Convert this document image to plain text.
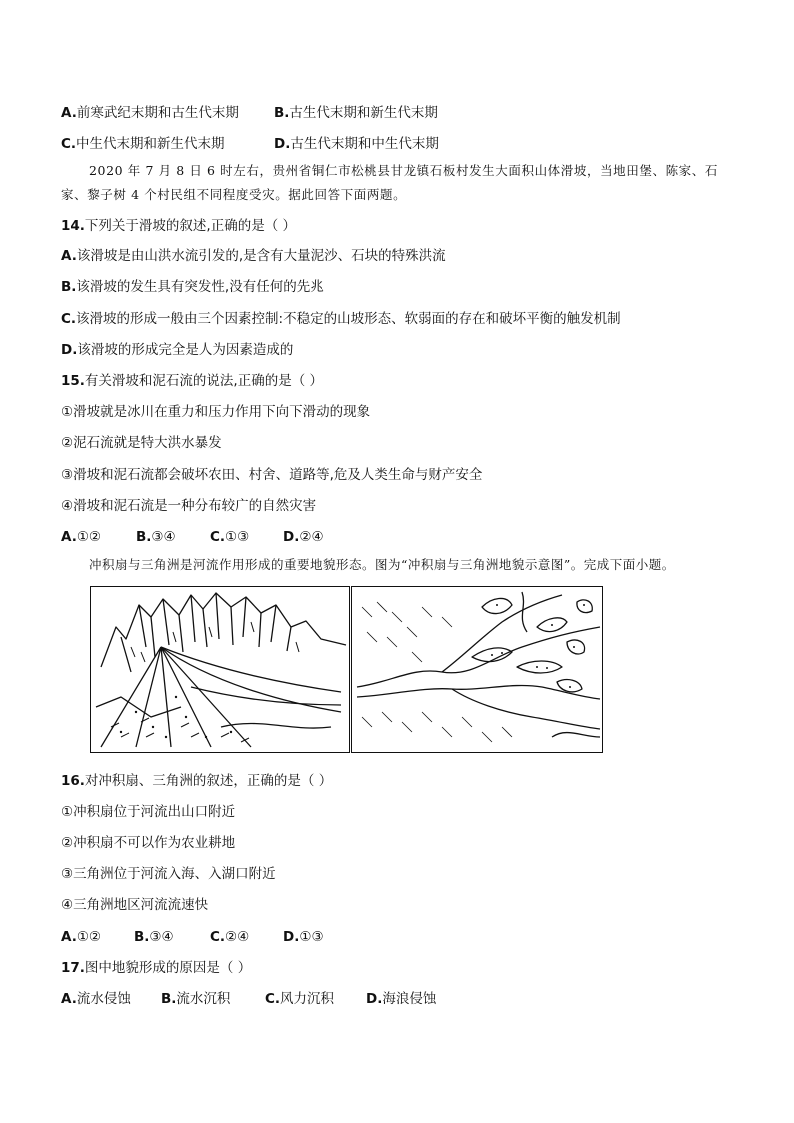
A.前寒武纪末期和古生代末期	B.古生代末期和新生代末期
C.中生代末期和新生代末期	D.古生代末期和中生代末期
2020 年 7 月 8 日 6 时左右，贵州省铜仁市松桃县甘龙镇石板村发生大面积山体滑坡，当地田堡、陈家、石家、黎子树 4 个村民组不同程度受灾。据此回答下面两题。
14.下列关于滑坡的叙述,正确的是（ ）
A.该滑坡是由山洪水流引发的,是含有大量泥沙、石块的特殊洪流
B.该滑坡的发生具有突发性,没有任何的先兆
C.该滑坡的形成一般由三个因素控制:不稳定的山坡形态、软弱面的存在和破坏平衡的触发机制
D.该滑坡的形成完全是人为因素造成的
15.有关滑坡和泥石流的说法,正确的是（ ）
①滑坡就是冰川在重力和压力作用下向下滑动的现象
②泥石流就是特大洪水暴发
③滑坡和泥石流都会破坏农田、村舍、道路等,危及人类生命与财产安全
④滑坡和泥石流是一种分布较广的自然灾害
A.①②	B.③④	C.①③ D.②④
冲积扇与三角洲是河流作用形成的重要地貌形态。图为“冲积扇与三角洲地貌示意图”。完成下面小题。
16.对冲积扇、三角洲的叙述，正确的是（ ）
①冲积扇位于河流出山口附近
②冲积扇不可以作为农业耕地
③三角洲位于河流入海、入湖口附近
④三角洲地区河流流速快
A.①② B.③④	C.②④ D.①③
17.图中地貌形成的原因是（ ）
A.流水侵蚀 B.流水沉积	C.风力沉积 D.海浪侵蚀
